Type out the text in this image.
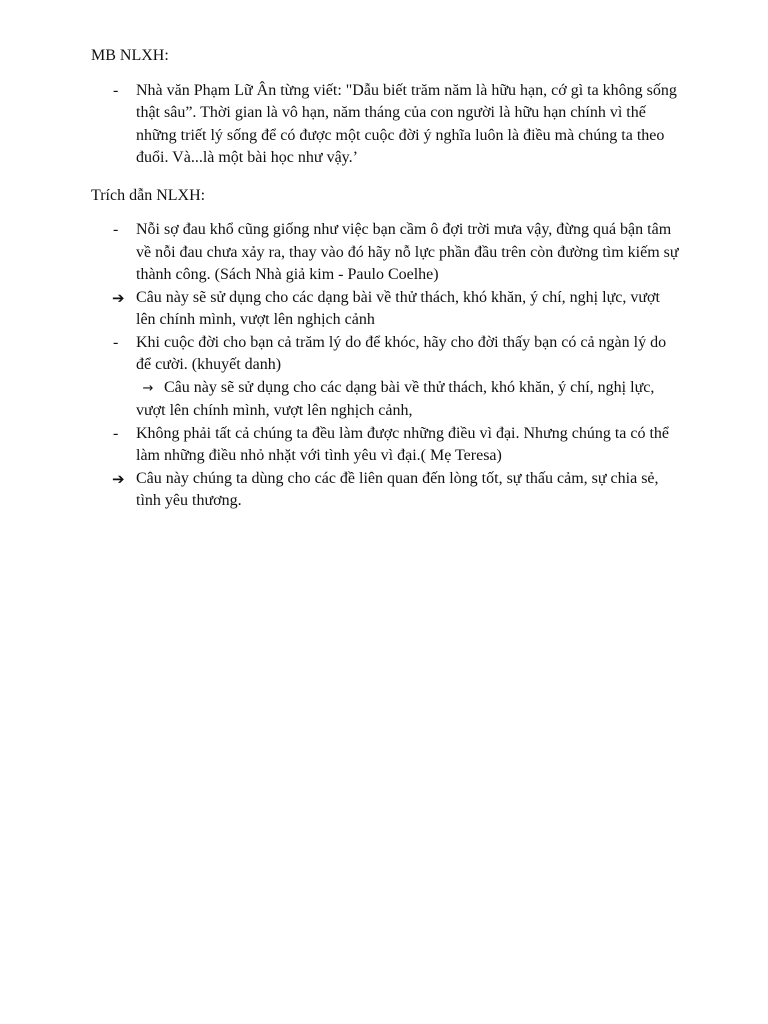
MB NLXH:
-	Nhà văn Phạm Lữ Ân từng viết: "Dẫu biết trăm năm là hữu hạn, cớ gì ta không sống thật sâu”. Thời gian là vô hạn, năm tháng của con người là hữu hạn chính vì thế những triết lý sống để có được một cuộc đời ý nghĩa luôn là điều mà chúng ta theo đuổi. Và...là một bài học như vậy.’
Trích dẫn NLXH:
-	Nỗi sợ đau khổ cũng giống như việc bạn cầm ô đợi trời mưa vậy, đừng quá bận tâm về nỗi đau chưa xảy ra, thay vào đó hãy nỗ lực phần đầu trên còn đường tìm kiếm sự thành công. (Sách Nhà giả kim - Paulo Coelhe)
➔ Câu này sẽ sử dụng cho các dạng bài về thử thách, khó khăn, ý chí, nghị lực, vượt lên chính mình, vượt lên nghịch cảnh
-	Khi cuộc đời cho bạn cả trăm lý do để khóc, hãy cho đời thấy bạn có cả ngàn lý do để cười. (khuyết danh)
→ Câu này sẽ sử dụng cho các dạng bài về thử thách, khó khăn, ý chí, nghị lực, vượt lên chính mình, vượt lên nghịch cảnh,
-	Không phải tất cả chúng ta đều làm được những điều vì đại. Nhưng chúng ta có thể làm những điều nhỏ nhặt với tình yêu vì đại.( Mẹ Teresa)
➔ Câu này chúng ta dùng cho các đề liên quan đến lòng tốt, sự thấu cảm, sự chia sẻ, tình yêu thương.
